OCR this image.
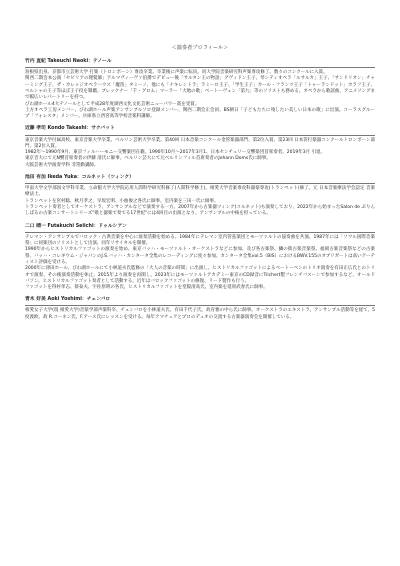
＜演奏者プロフィール＞
竹内 直紀 Takeuchi Naoki：テノール

島根県出身。京都市立芸術大学 打楽（トロンボーン）専攻卒業。卒業後に声楽に転向。同大学院音楽研究科声楽専攻修了。数々のコンクールに入賞。

関西二期会本公演「セビリアの理髪師」アルマヴィーヴァ伯爵でデビュー後「サルタン王の物語」グヴィドン王子、琴シティオペラ「ルサルカ」王子、「サンドリオン」チャーミング王子、ザ・カレッジオペラハウス「魔笛」タミーノ、他にも「ナキレントラ」ラミーロ王子、「学生王子」カール・フランツ王子「トゥーランドット」カラフ王子、ペルシャの王子等ほぼ王子役を制覇。ブレックナー「千・グロム」マーラー「大地の歌」ベートーヴェン「第九」等のソリストも務める。オペラから歌謡曲、アニメソングまで幅広いレパートリーを持つ。

びわ湖ホール4大テノールとして平成28年度湖西文化文化芸術ニューパワー賞を受賞。

上方オペラ工房メンバー、びわ湖ホール声楽アンサンブルソロ登録メンバー、関西二期会正会員、BS朝日「子どもたちに残したい美しい日本の歌」に出演。コーラスグループ「フォレスタ」メンバー。兵庫県立西宮高等学校音楽科講師。

近藤 孝司 Kondo Takashi：サクバット

東京音楽大学付属高校、東京音楽大学卒業、ベルリン芸術大学卒業。第40回 日本音楽コンクール金管楽器部門、第2位入賞、第23回 日本管打楽器コンクールトロンボーン部門、第2位入賞。

1982年〜1990年9月、東京フィルハーモニー交響楽団在籍。1990年10月〜2017年3月1、日本センチュリー交響楽団首席奏者。2019年3月 引退。

東京音大にて元N響首席奏者の伊藤 清氏に師事。ベルリン芸大にて元ベルリンフィル首席奏者のJohann Doms氏に師事。

大阪芸術大学演奏学科 非常勤講師。

池田 有加 Ikeda Yuka：コルネット（ツィンク）

甲南大学文学部国文学科卒業、立命館大学大学院応用人間科学研究科修了(人間科学修士)。相愛大学音楽専攻科器楽専攻(トランペット)修了。元 日本音楽療法学会認定 音楽療法士。

トランペットを宮村聡、秋月孝之、早坂宏明、小曲俊之各氏に師事。室内楽を三田一氏に師事。

トランペット奏者としてオーケストラ、アンサンブルなどで演奏する一方、2007年から古楽器ツィンク(コルネット)も演奏しており、2022年から始まったSalon de ぷりんしぱるの古楽コンサートシリーズ"歌と器楽で奏でる17世紀"には4回目の出演となり、アンサンブルの中核を担っている。

二口 晴一 Futakuchi Seiichi：ドゥルシアン

テレマン・アンサンブルでバロック・古典音楽を中心に演奏活動を始める。1984年にテレマン室内管弦楽団とモーツァルトの協奏曲を共演、1987年には「ソウル国際音楽祭」に同楽団のソリストとして出演、同年リサイタルを開催。

1990年からヒストリカルファゴットの演奏を始め、東京バッハ・モーツァルト・オーケストラなどに参加、及び各古楽祭、鱗の街古楽音楽祭、福岡古楽音楽祭などの古楽祭、バッハ・コレギウム・ジャパンのJ.S.バッハ・カンタータ全集のレコーディングに度々参加。カンタータ全集vol.5（BIS）におけるBWV.155のオブリガートは高いアーティスト評価を受ける。

2000年に津田ホール、びわ湖ホールにて小林道夫氏監修の「大人の音楽の時間」に出演し、ヒストリカルファゴットによるベートーベンのトリオ演奏を有田正広氏とのトリオで演奏、その後演奏活動を休止。2015年より演奏を再開し、2023年にはモーツァルトアカデミー東京のCD録音にTrichert製フレンチバスーンで参加するなど、オールドバソン、ヒストリカルファゴット奏者として活動する。近年はバロックファゴットの修復、リード製作も行う。

ファゴットを得村孝志、蔡泰夫、宇佐原明の各氏、ヒストリカルファゴットを堂阪清高氏、室内楽を延原武春氏に師事。

青木 好美 Aoki Yoshimi：チェンバロ

相愛女子大学(現 相愛大学)音楽学部声楽科卒、チェンバロを小林道夫氏、有田千代子氏、故育雅の中ら氏に師事。オーケストラのエキストラ、アンサンブル活動等を経て、5度渡欧。故 R.コーネン氏、F.アース氏にレッスンを受ける。毎年アマチュアとプロのデュオの交流する古楽器演奏会を開催している。
